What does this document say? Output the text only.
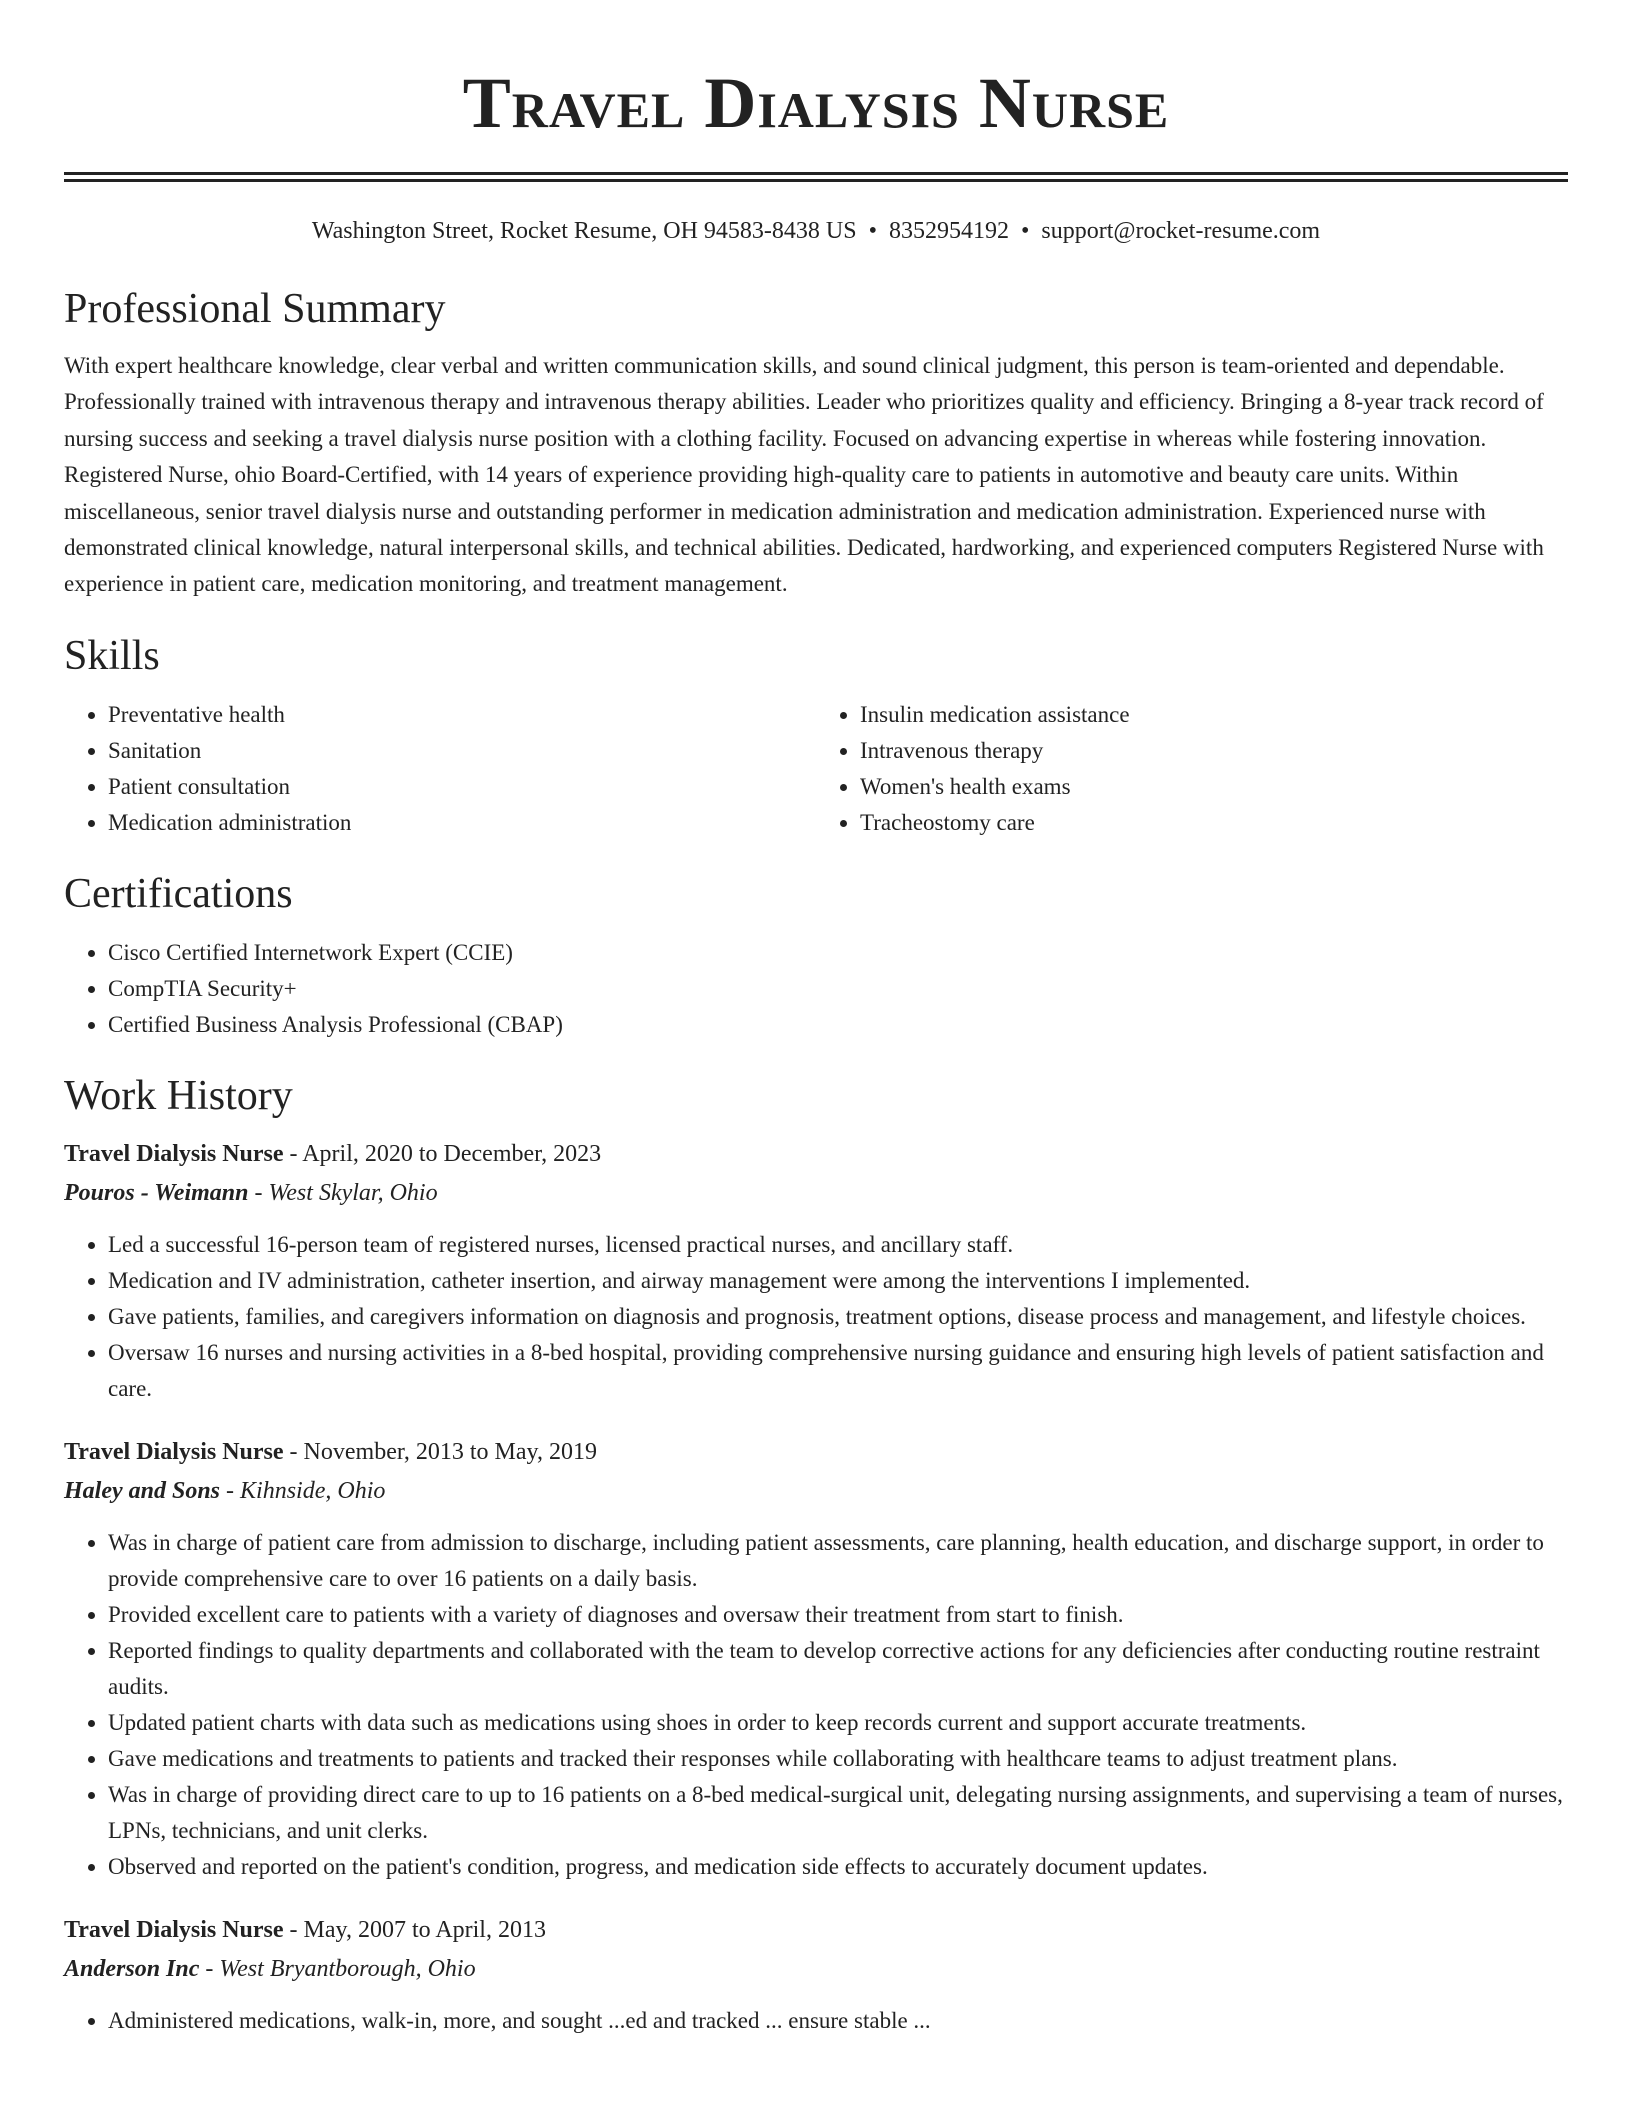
Travel Dialysis Nurse
Washington Street, Rocket Resume, OH 94583-8438 US • 8352954192 • support@rocket-resume.com
Professional Summary

With expert healthcare knowledge, clear verbal and written communication skills, and sound clinical judgment, this person is team-oriented and dependable. Professionally trained with intravenous therapy and intravenous therapy abilities. Leader who prioritizes quality and efficiency. Bringing a 8-year track record of nursing success and seeking a travel dialysis nurse position with a clothing facility. Focused on advancing expertise in whereas while fostering innovation. Registered Nurse, ohio Board-Certified, with 14 years of experience providing high-quality care to patients in automotive and beauty care units. Within miscellaneous, senior travel dialysis nurse and outstanding performer in medication administration and medication administration. Experienced nurse with demonstrated clinical knowledge, natural interpersonal skills, and technical abilities. Dedicated, hardworking, and experienced computers Registered Nurse with experience in patient care, medication monitoring, and treatment management.

Skills
• Preventative health
• Sanitation
• Patient consultation
• Medication administration
• Insulin medication assistance
• Intravenous therapy
• Women's health exams
• Tracheostomy care
Certifications
• Cisco Certified Internetwork Expert (CCIE)
• CompTIA Security+
• Certified Business Analysis Professional (CBAP)
Work History
Travel Dialysis Nurse - April, 2020 to December, 2023
Pouros - Weimann - West Skylar, Ohio
• Led a successful 16-person team of registered nurses, licensed practical nurses, and ancillary staff.
• Medication and IV administration, catheter insertion, and airway management were among the interventions I implemented.
• Gave patients, families, and caregivers information on diagnosis and prognosis, treatment options, disease process and management, and lifestyle choices.
• Oversaw 16 nurses and nursing activities in a 8-bed hospital, providing comprehensive nursing guidance and ensuring high levels of patient satisfaction and care.
Travel Dialysis Nurse - November, 2013 to May, 2019
Haley and Sons - Kihnside, Ohio
• Was in charge of patient care from admission to discharge, including patient assessments, care planning, health education, and discharge support, in order to provide comprehensive care to over 16 patients on a daily basis.
• Provided excellent care to patients with a variety of diagnoses and oversaw their treatment from start to finish.
• Reported findings to quality departments and collaborated with the team to develop corrective actions for any deficiencies after conducting routine restraint audits.
• Updated patient charts with data such as medications using shoes in order to keep records current and support accurate treatments.
• Gave medications and treatments to patients and tracked their responses while collaborating with healthcare teams to adjust treatment plans.
• Was in charge of providing direct care to up to 16 patients on a 8-bed medical-surgical unit, delegating nursing assignments, and supervising a team of nurses, LPNs, technicians, and unit clerks.
• Observed and reported on the patient's condition, progress, and medication side effects to accurately document updates.
Travel Dialysis Nurse - May, 2007 to April, 2013
Anderson Inc - West Bryantborough, Ohio
• Administered medications, walk-in, more, and sought ...ed and tracked ... ensure stable ...
